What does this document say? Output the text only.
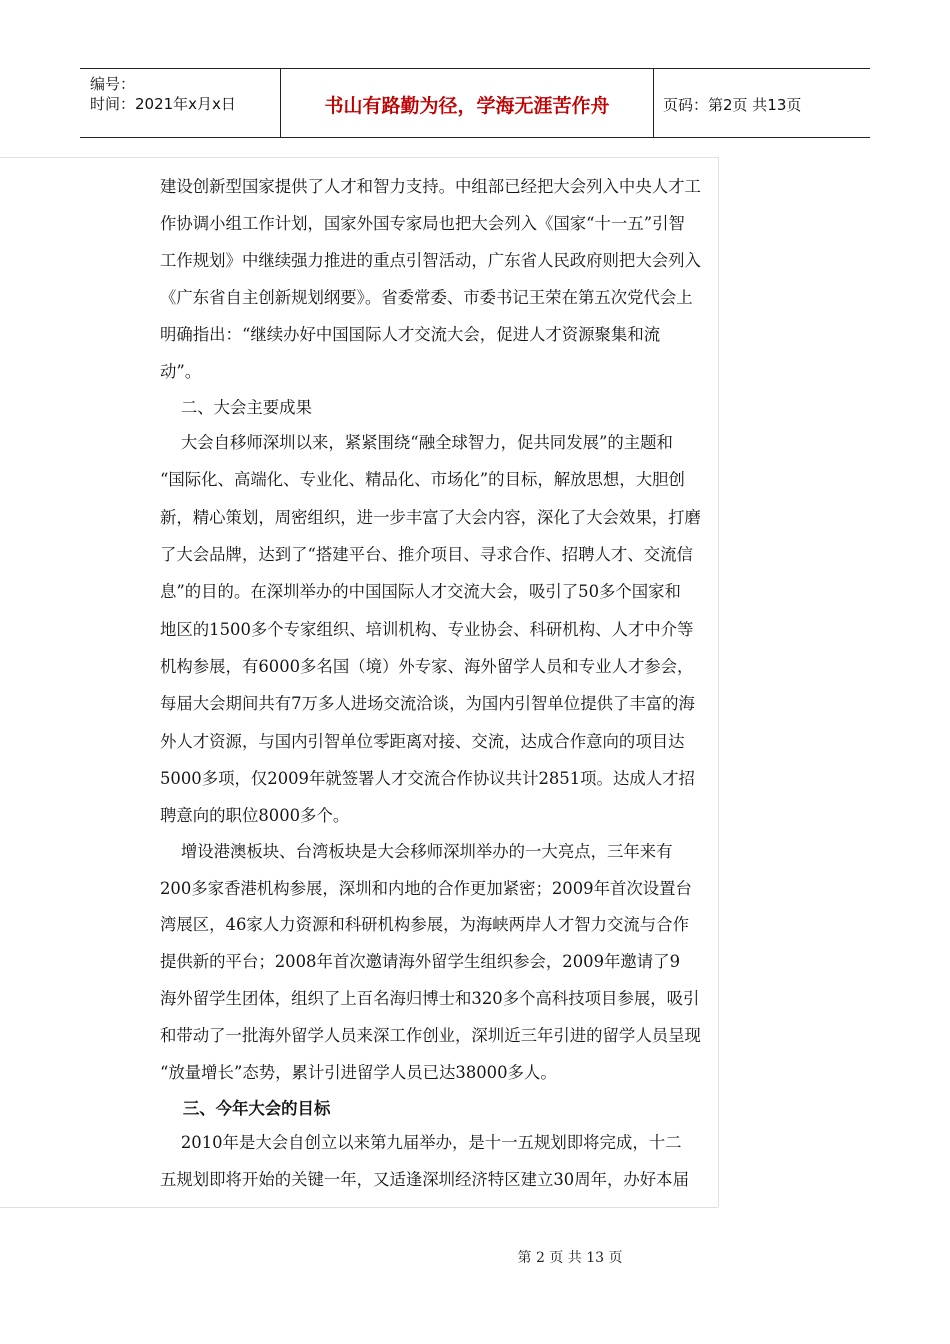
编号：
时间：2021年x月x日	书山有路勤为径，学海无涯苦作舟	页码：第2页 共13页
建设创新型国家提供了人才和智力支持。中组部已经把大会列入中央人才工
作协调小组工作计划，国家外国专家局也把大会列入《国家“十一五”引智
工作规划》中继续强力推进的重点引智活动，广东省人民政府则把大会列入
《广东省自主创新规划纲要》。省委常委、市委书记王荣在第五次党代会上
明确指出：“继续办好中国国际人才交流大会，促进人才资源聚集和流
动”。
二、大会主要成果
大会自移师深圳以来，紧紧围绕“融全球智力，促共同发展”的主题和
“国际化、高端化、专业化、精品化、市场化”的目标，解放思想，大胆创
新，精心策划，周密组织，进一步丰富了大会内容，深化了大会效果，打磨
了大会品牌，达到了“搭建平台、推介项目、寻求合作、招聘人才、交流信
息”的目的。在深圳举办的中国国际人才交流大会，吸引了50多个国家和
地区的1500多个专家组织、培训机构、专业协会、科研机构、人才中介等
机构参展，有6000多名国（境）外专家、海外留学人员和专业人才参会，
每届大会期间共有7万多人进场交流洽谈，为国内引智单位提供了丰富的海
外人才资源，与国内引智单位零距离对接、交流，达成合作意向的项目达
5000多项，仅2009年就签署人才交流合作协议共计2851项。达成人才招
聘意向的职位8000多个。
增设港澳板块、台湾板块是大会移师深圳举办的一大亮点，三年来有
200多家香港机构参展，深圳和内地的合作更加紧密；2009年首次设置台
湾展区，46家人力资源和科研机构参展，为海峡两岸人才智力交流与合作
提供新的平台；2008年首次邀请海外留学生组织参会，2009年邀请了9
海外留学生团体，组织了上百名海归博士和320多个高科技项目参展，吸引
和带动了一批海外留学人员来深工作创业，深圳近三年引进的留学人员呈现
“放量增长”态势，累计引进留学人员已达38000多人。
三、今年大会的目标
2010年是大会自创立以来第九届举办，是十一五规划即将完成，十二
五规划即将开始的关键一年，又适逢深圳经济特区建立30周年，办好本届
第 2 页 共 13 页
